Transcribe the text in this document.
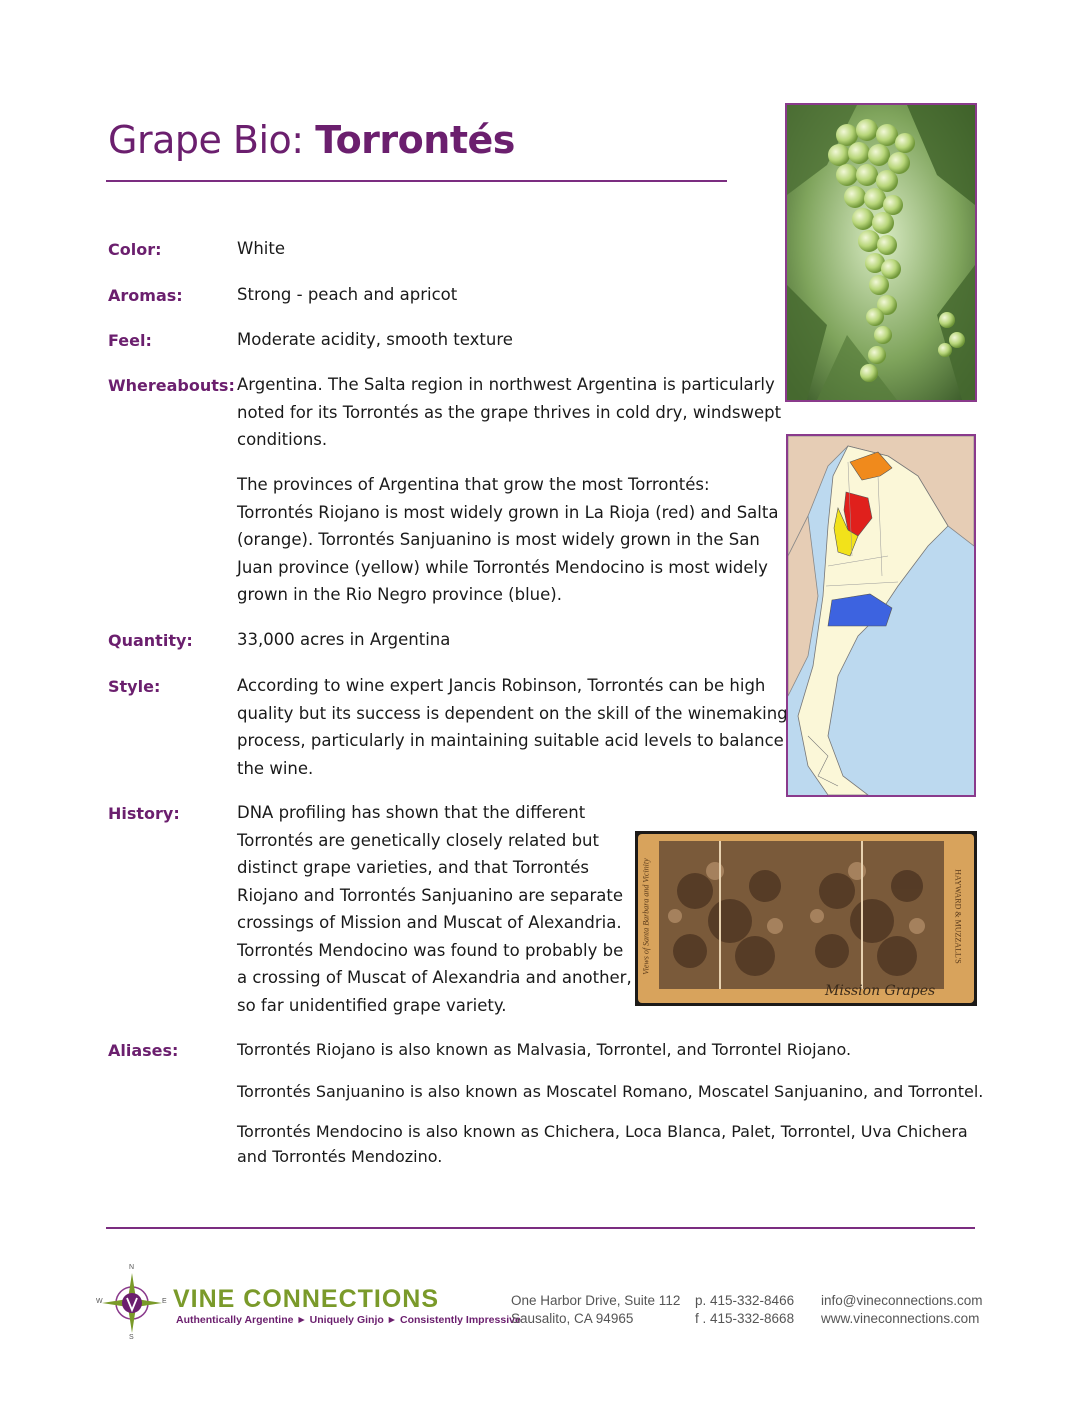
Grape Bio: Torrontés
Color:	White
Aromas:	Strong - peach and apricot
Feel:	Moderate acidity, smooth texture
Whereabouts: Argentina. The Salta region in northwest Argentina is particularly
noted for its Torrontés as the grape thrives in cold dry, windswept
conditions.
The provinces of Argentina that grow the most Torrontés:
Torrontés Riojano is most widely grown in La Rioja (red) and Salta
(orange). Torrontés Sanjuanino is most widely grown in the San
Juan province (yellow) while Torrontés Mendocino is most widely
grown in the Rio Negro province (blue).
Quantity:	33,000 acres in Argentina
Style:	According to wine expert Jancis Robinson, Torrontés can be high
quality but its success is dependent on the skill of the winemaking
process, particularly in maintaining suitable acid levels to balance
the wine.
History:	DNA profiling has shown that the different
Torrontés are genetically closely related but
distinct grape varieties, and that Torrontés
Riojano and Torrontés Sanjuanino are separate
crossings of Mission and Muscat of Alexandria.
Torrontés Mendocino was found to probably be
a crossing of Muscat of Alexandria and another,
so far unidentified grape variety.
Aliases:	Torrontés Riojano is also known as Malvasia, Torrontel, and Torrontel Riojano.
Torrontés Sanjuanino is also known as Moscatel Romano, Moscatel Sanjuanino, and Torrontel.
Torrontés Mendocino is also known as Chichera, Loca Blanca, Palet, Torrontel, Uva Chichera
and Torrontés Mendozino.
Views of Santa Barbara and Vicinity	HAYWARD & MUZZALL'S
Mission Grapes
N
S
W	E VINE CONNECTIONS
Authentically Argentine ► Uniquely Ginjo ► Consistently Impressive
One Harbor Drive, Suite 112
Sausalito, CA 94965
p. 415-332-8466
f . 415-332-8668
info@vineconnections.com
www.vineconnections.com
